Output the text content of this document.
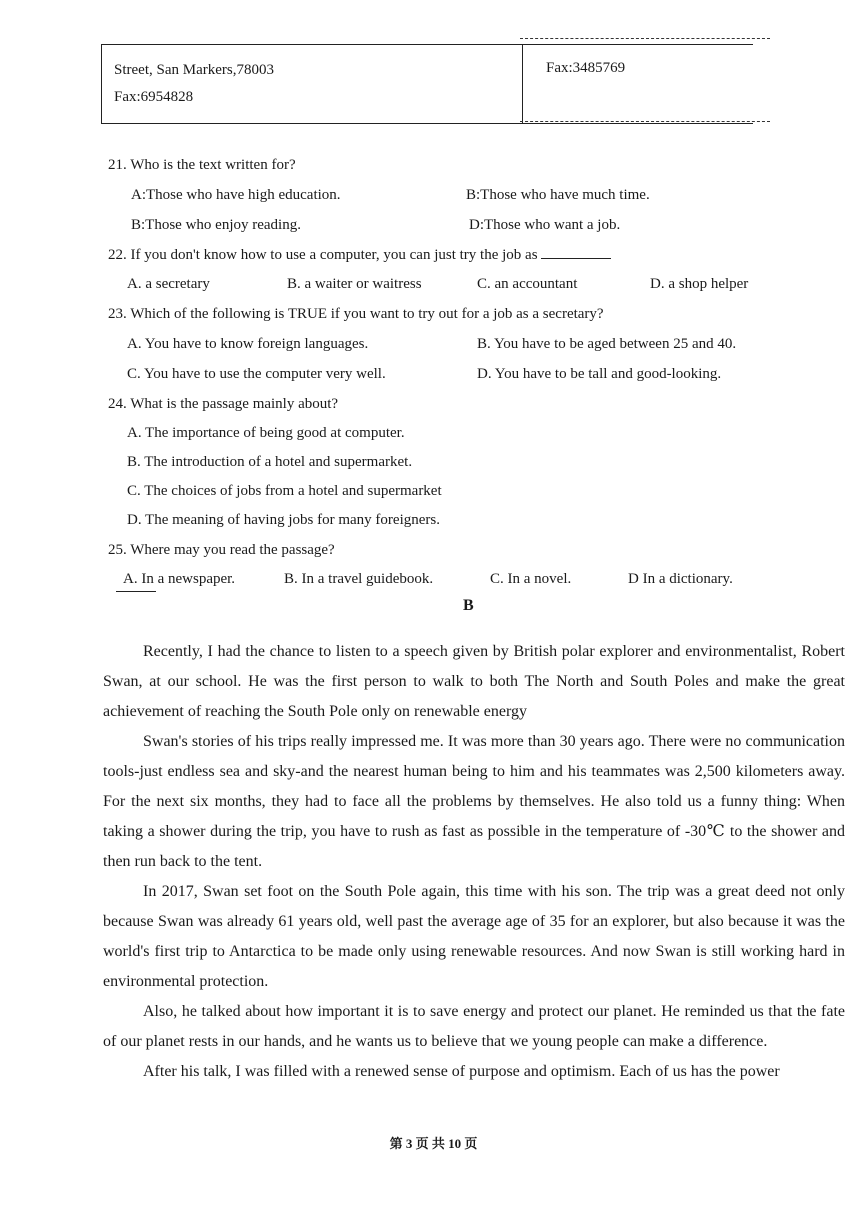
Street, San Markers,78003
Fax:6954828
Fax:3485769
21. Who is the text written for?
A:Those who have high education.	B:Those who have much time.
B:Those who enjoy reading.	D:Those who want a job.
22. If you don't know how to use a computer, you can just try the job as
A. a secretary	B. a waiter or waitress	C. an accountant	D. a shop helper
23. Which of the following is TRUE if you want to try out for a job as a secretary?
A. You have to know foreign languages.	B. You have to be aged between 25 and 40.
C. You have to use the computer very well.	D. You have to be tall and good-looking.
24. What is the passage mainly about?
A. The importance of being good at computer.
B. The introduction of a hotel and supermarket.
C. The choices of jobs from a hotel and supermarket
D. The meaning of having jobs for many foreigners.
25. Where may you read the passage?
A. In a newspaper.	B. In a travel guidebook.	C. In a novel.	D In a dictionary.
B

Recently, I had the chance to listen to a speech given by British polar explorer and environmentalist, Robert Swan, at our school. He was the first person to walk to both The North and South Poles and make the great achievement of reaching the South Pole only on renewable energy

Swan's stories of his trips really impressed me. It was more than 30 years ago. There were no communication tools-just endless sea and sky-and the nearest human being to him and his teammates was 2,500 kilometers away. For the next six months, they had to face all the problems by themselves. He also told us a funny thing: When taking a shower during the trip, you have to rush as fast as possible in the temperature of -30℃ to the shower and then run back to the tent.

In 2017, Swan set foot on the South Pole again, this time with his son. The trip was a great deed not only because Swan was already 61 years old, well past the average age of 35 for an explorer, but also because it was the world's first trip to Antarctica to be made only using renewable resources. And now Swan is still working hard in environmental protection.

Also, he talked about how important it is to save energy and protect our planet. He reminded us that the fate of our planet rests in our hands, and he wants us to believe that we young people can make a difference.

After his talk, I was filled with a renewed sense of purpose and optimism. Each of us has the power

第 3 页 共 10 页
